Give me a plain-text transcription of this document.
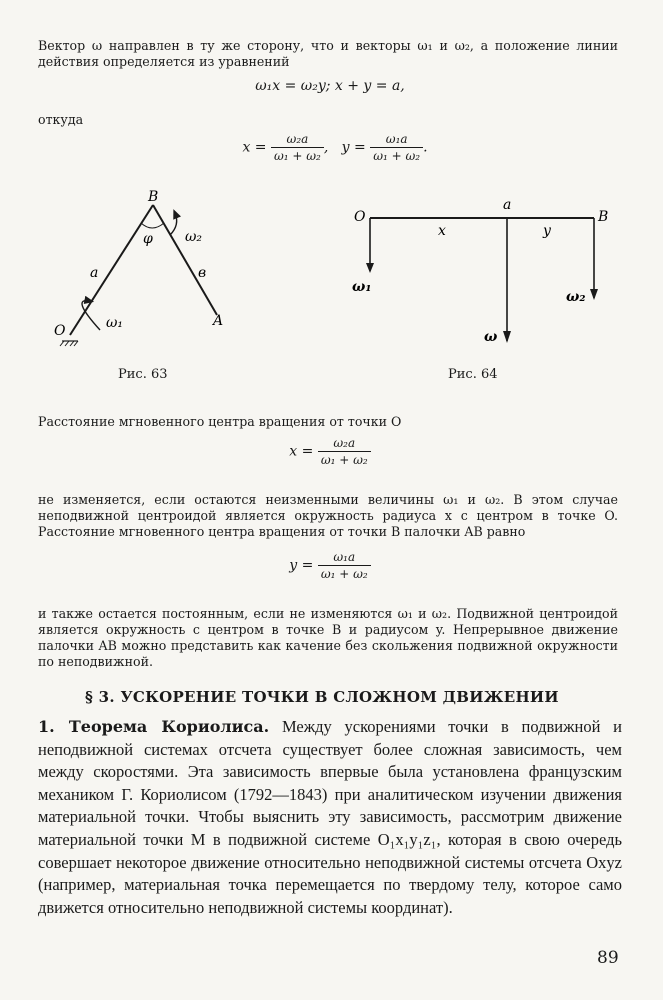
Вектор ω направлен в ту же сторону, что и векторы ω₁ и ω₂, а положение линии действия определяется из уравнений
ω₁x = ω₂y; x + y = a,
откуда
$x = \frac{\text{ω₂a}}{\text{ω₁ + ω₂}}$ , $y = \frac{\text{ω₁a}}{\text{ω₁ + ω₂}}$ .
B
φ ω₂
a	в
ω₁
O
A
Рис. 63
O
a
B
x	y
ω₁
ω₂
ω
Рис. 64
Расстояние мгновенного центра вращения от точки O
$x = \frac{\text{ω₂a}}{\text{ω₁ + ω₂}}$
не изменяется, если остаются неизменными величины ω₁ и ω₂. В этом случае неподвижной центроидой является окружность радиуса x с центром в точке O. Расстояние мгновенного центра вращения от точки B палочки AB равно
$y = \frac{\text{ω₁a}}{\text{ω₁ + ω₂}}$
и также остается постоянным, если не изменяются ω₁ и ω₂. Подвижной центроидой является окружность с центром в точке B и радиусом y. Непрерывное движение палочки AB можно представить как качение без скольжения подвижной окружности по неподвижной.
§ 3. УСКОРЕНИЕ ТОЧКИ В СЛОЖНОМ ДВИЖЕНИИ
1. Теорема Кориолиса. Между ускорениями точки в подвижной и неподвижной системах отсчета существует более сложная зависимость, чем между скоростями. Эта зависимость впервые была установлена французским механиком Г. Кориолисом (1792—1843) при аналитическом изучении движения материальной точки. Чтобы выяснить эту зависимость, рассмотрим движение материальной точки M в подвижной системе O₁x₁y₁z₁, которая в свою очередь совершает некоторое движение относительно неподвижной системы отсчета Oxyz (например, материальная точка перемещается по твердому телу, которое само движется относительно неподвижной системы координат).
89
